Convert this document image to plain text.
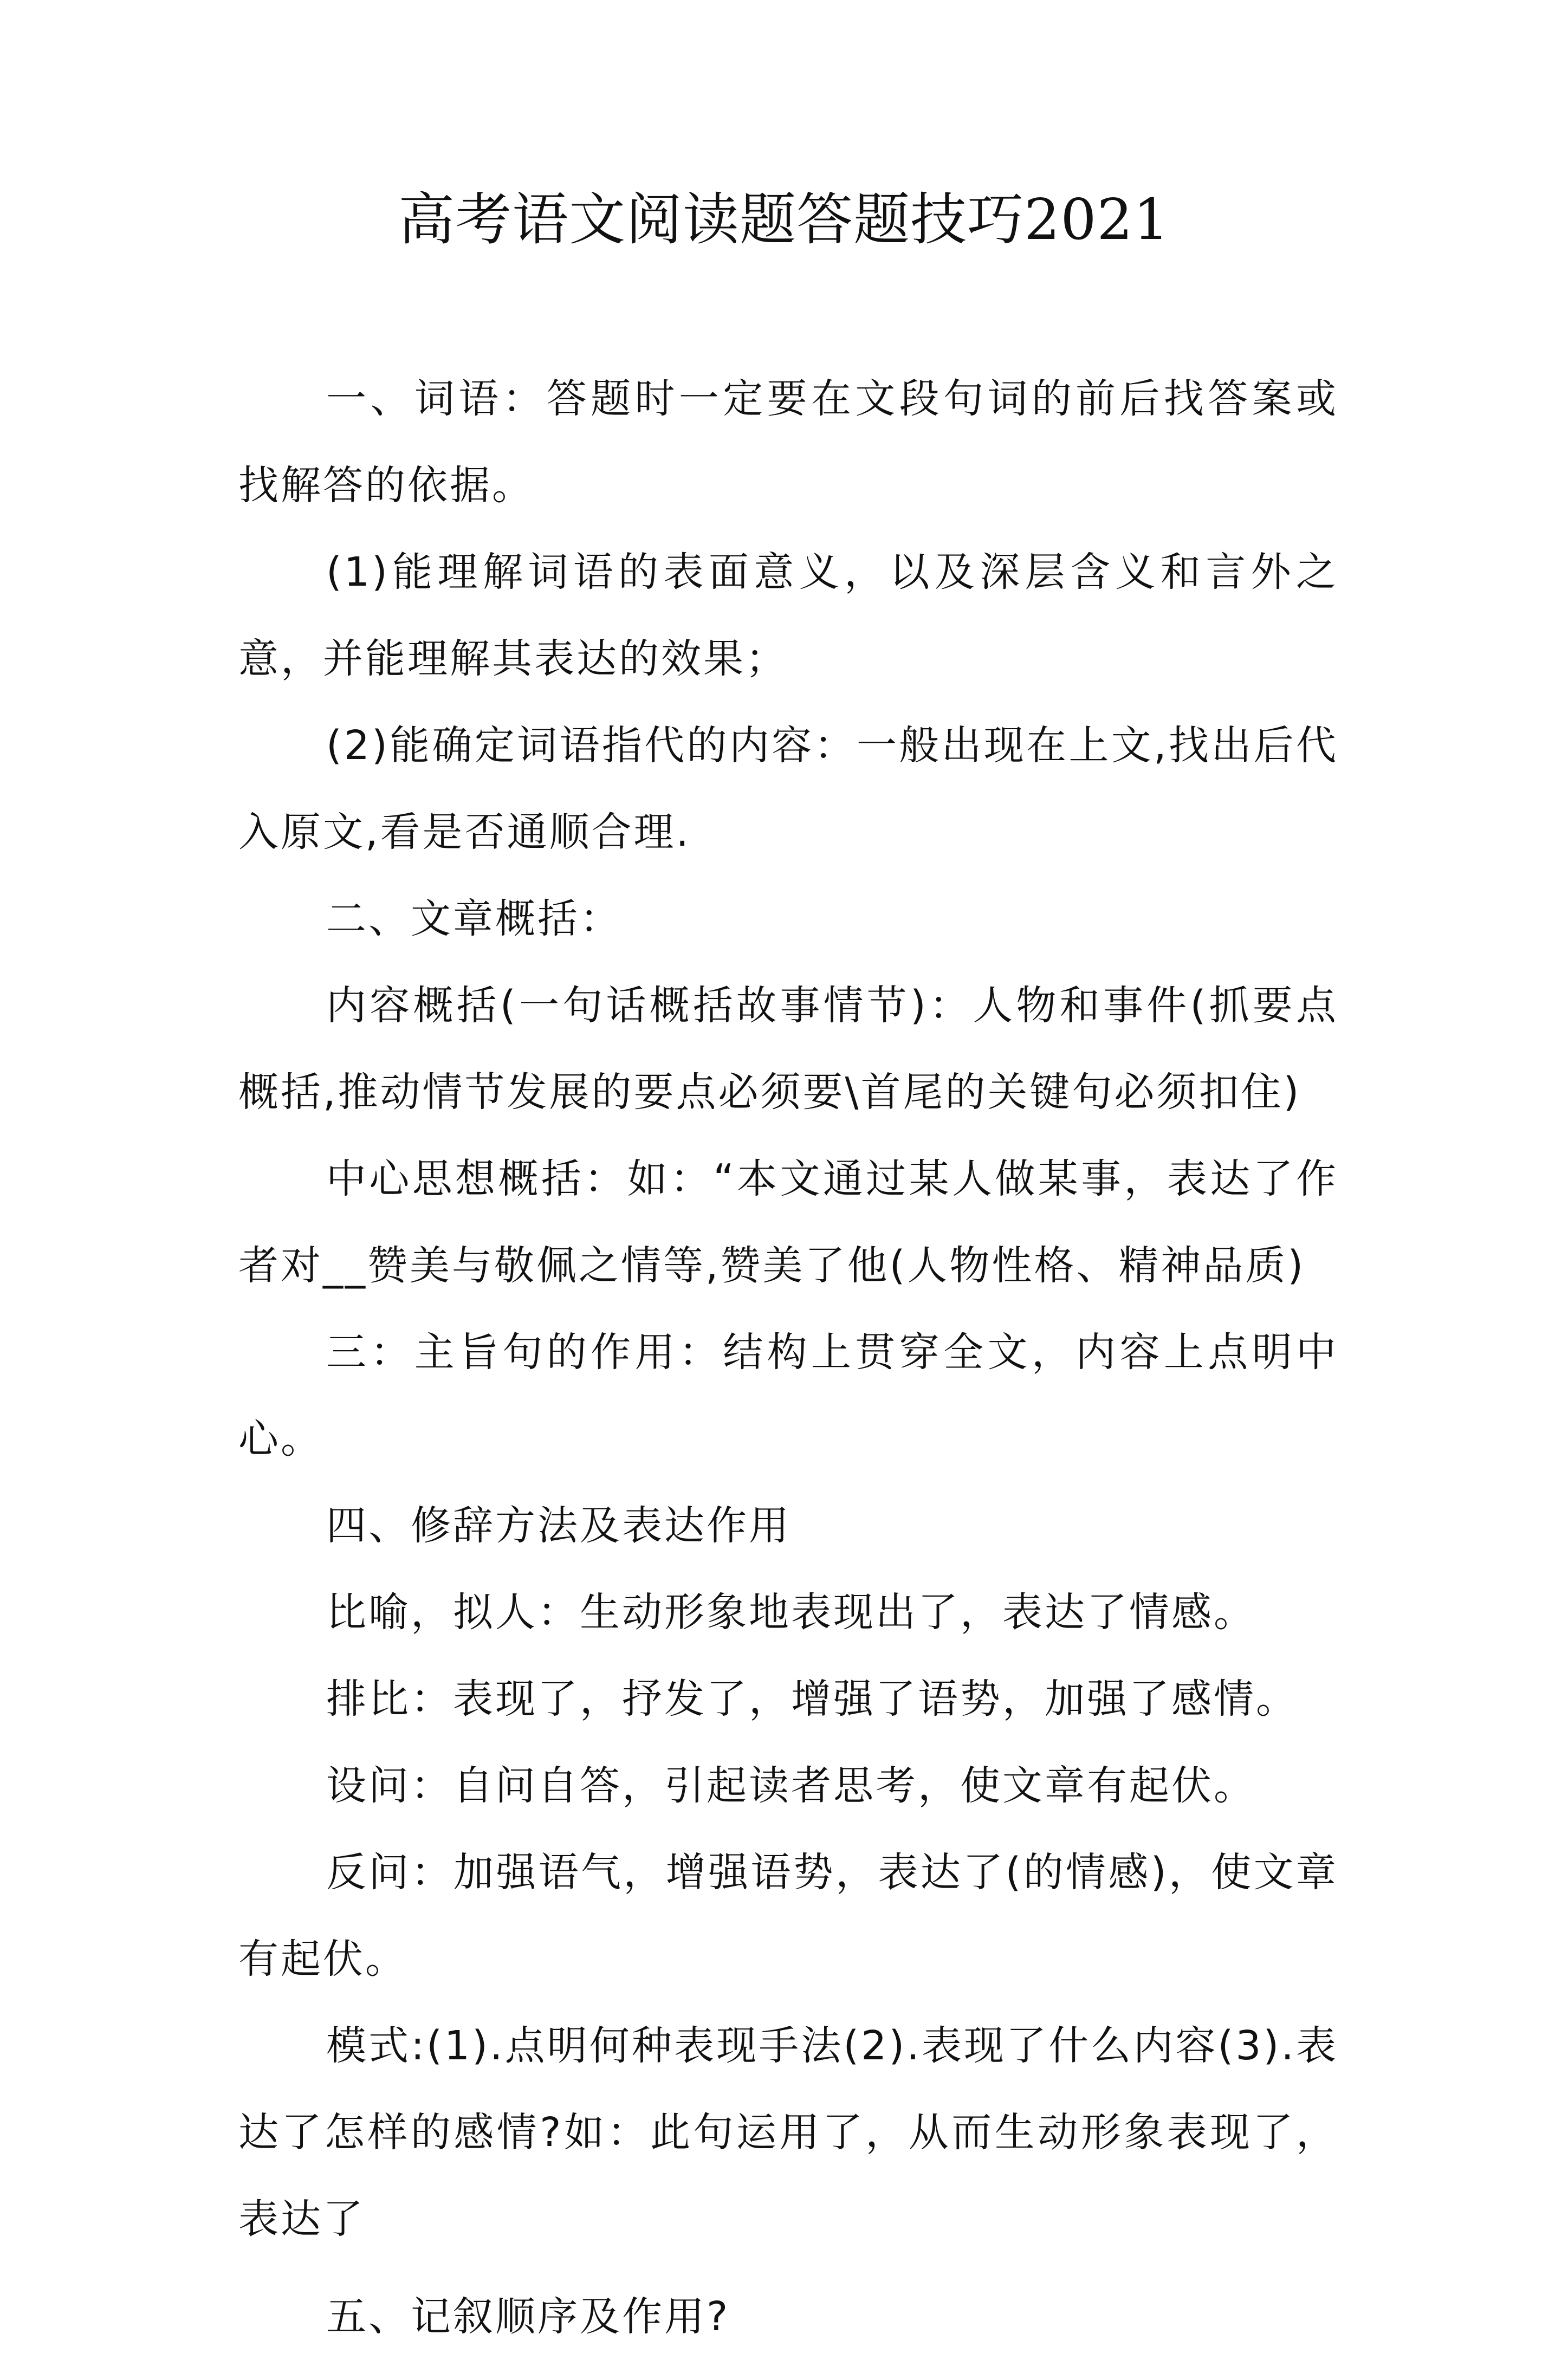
高考语文阅读题答题技巧2021

一、词语：答题时一定要在文段句词的前后找答案或找解答的依据。

(1)能理解词语的表面意义，以及深层含义和言外之意，并能理解其表达的效果；

(2)能确定词语指代的内容：一般出现在上文,找出后代入原文,看是否通顺合理.

二、文章概括：

内容概括(一句话概括故事情节)：人物和事件(抓要点概括,推动情节发展的要点必须要\首尾的关键句必须扣住)

中心思想概括：如：“本文通过某人做某事，表达了作者对__赞美与敬佩之情等,赞美了他(人物性格、精神品质)

三：主旨句的作用：结构上贯穿全文，内容上点明中心。

四、修辞方法及表达作用

比喻，拟人：生动形象地表现出了，表达了情感。

排比：表现了，抒发了，增强了语势，加强了感情。

设问：自问自答，引起读者思考，使文章有起伏。

反问：加强语气，增强语势，表达了(的情感)，使文章有起伏。

模式:(1).点明何种表现手法(2).表现了什么内容(3).表达了怎样的感情?如：此句运用了，从而生动形象表现了，表达了

五、记叙顺序及作用?
